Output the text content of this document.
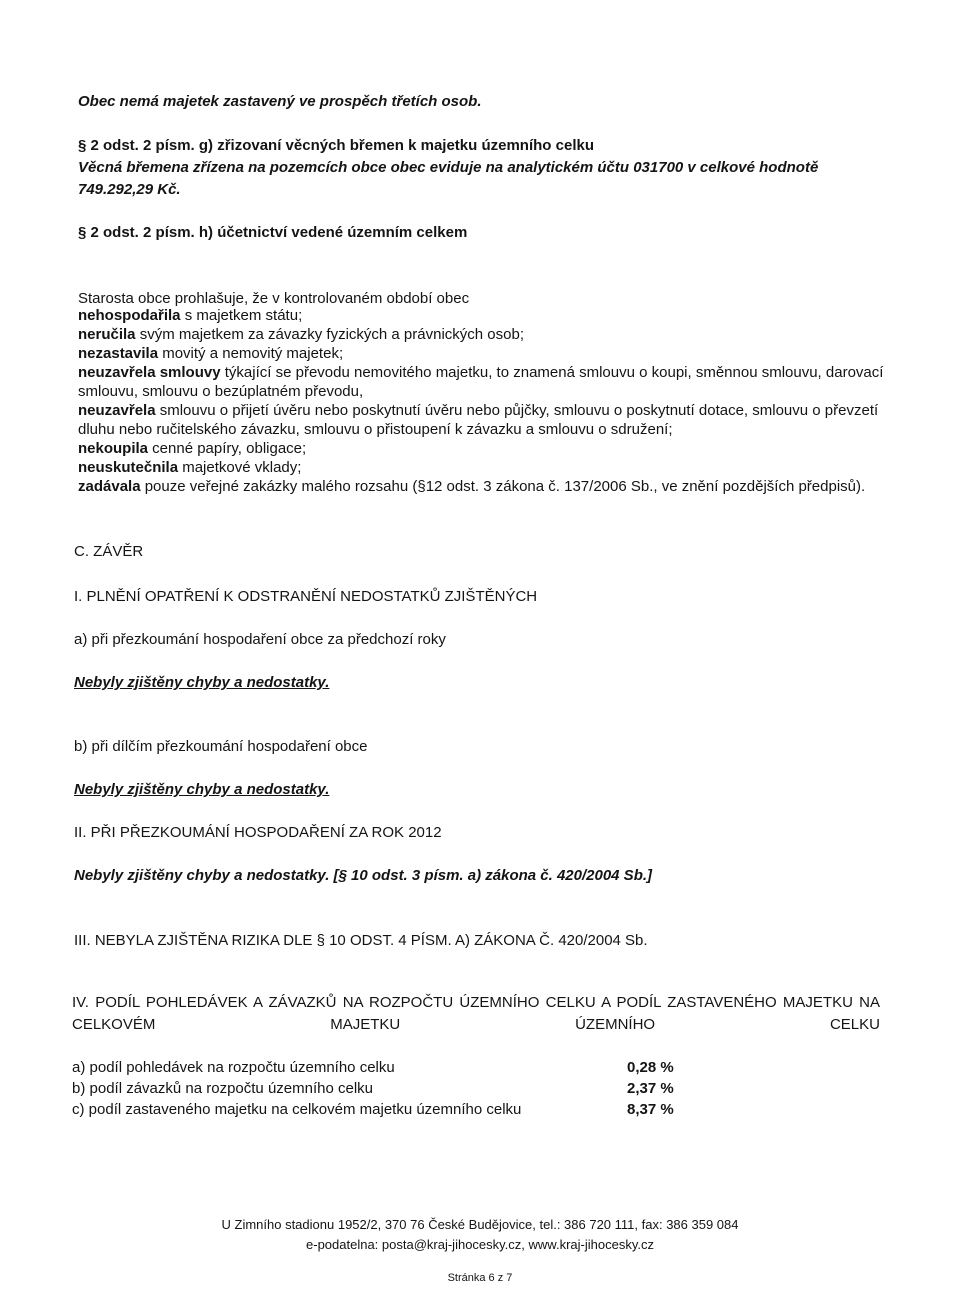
Obec nemá majetek zastavený ve prospěch třetích osob.
§ 2 odst. 2 písm. g) zřizovaní věcných břemen k majetku územního celku
Věcná břemena zřízena na pozemcích obce obec eviduje na analytickém účtu 031700 v celkové hodnotě
749.292,29 Kč.
§ 2 odst. 2 písm. h) účetnictví vedené územním celkem
Starosta obce prohlašuje, že v kontrolovaném období obec
nehospodařila s majetkem státu;
neručila svým majetkem za závazky fyzických a právnických osob;
nezastavila movitý a nemovitý majetek;
neuzavřela smlouvy týkající se převodu nemovitého majetku, to znamená smlouvu o koupi, směnnou smlouvu, darovací smlouvu, smlouvu o bezúplatném převodu,
neuzavřela smlouvu o přijetí úvěru nebo poskytnutí úvěru nebo půjčky, smlouvu o poskytnutí dotace, smlouvu o převzetí dluhu nebo ručitelského závazku, smlouvu o přistoupení k závazku a smlouvu o sdružení;
nekoupila cenné papíry, obligace;
neuskutečnila majetkové vklady;
zadávala pouze veřejné zakázky malého rozsahu (§12 odst. 3 zákona č. 137/2006 Sb., ve znění pozdějších předpisů).
C. ZÁVĚR
I. PLNĚNÍ OPATŘENÍ K ODSTRANĚNÍ NEDOSTATKŮ ZJIŠTĚNÝCH
a) při přezkoumání hospodaření obce za předchozí roky
Nebyly zjištěny chyby a nedostatky.
b) při dílčím přezkoumání hospodaření obce
Nebyly zjištěny chyby a nedostatky.
II. PŘI PŘEZKOUMÁNÍ HOSPODAŘENÍ ZA ROK 2012
Nebyly zjištěny chyby a nedostatky. [§ 10 odst. 3 písm. a) zákona č. 420/2004 Sb.]
III. NEBYLA ZJIŠTĚNA RIZIKA DLE § 10 ODST. 4 PÍSM. A) ZÁKONA Č. 420/2004 Sb.
IV. PODÍL POHLEDÁVEK A ZÁVAZKŮ NA ROZPOČTU ÚZEMNÍHO CELKU A PODÍL ZASTAVENÉHO MAJETKU NA CELKOVÉM MAJETKU ÚZEMNÍHO CELKU
a) podíl pohledávek na rozpočtu územního celku	0,28 %
b) podíl závazků na rozpočtu územního celku	2,37 %
c) podíl zastaveného majetku na celkovém majetku územního celku	8,37 %
U Zimního stadionu 1952/2, 370 76 České Budějovice, tel.: 386 720 111, fax: 386 359 084
e-podatelna: posta@kraj-jihocesky.cz, www.kraj-jihocesky.cz
Stránka 6 z 7
